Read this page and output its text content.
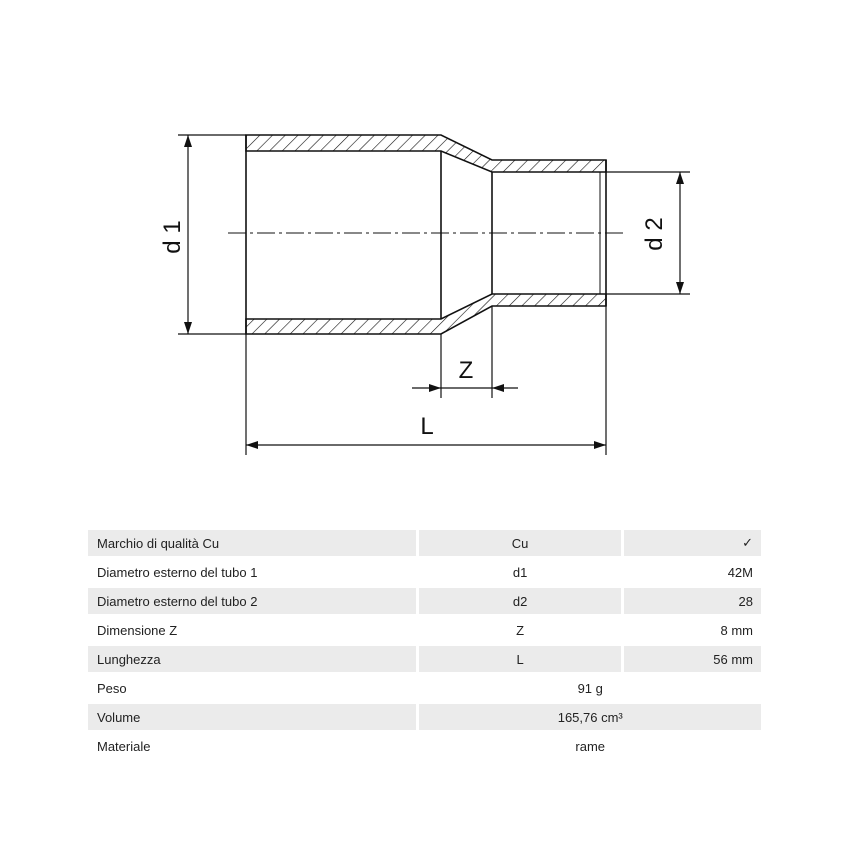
d 1	d 2
Z
L
Marchio di qualità Cu	Cu	✓
Diametro esterno del tubo 1	d1	42M
Diametro esterno del tubo 2	d2	28
Dimensione Z	Z	8 mm
Lunghezza	L	56 mm
Peso	91 g	
Volume	165,76 cm³	
Materiale	rame	
